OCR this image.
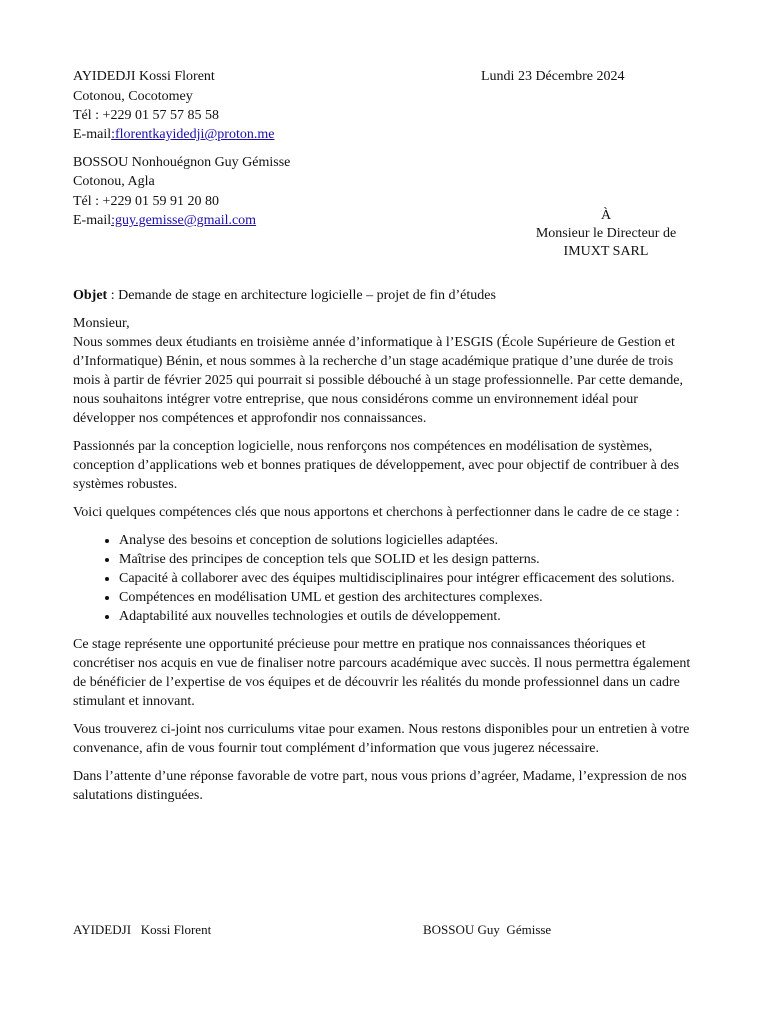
AYIDEDJI Kossi Florent	Lundi 23 Décembre 2024
Cotonou, Cocotomey
Tél : +229 01 57 57 85 58
E-mail:florentkayidedji@proton.me
BOSSOU Nonhouégnon Guy Gémisse
Cotonou, Agla
Tél : +229 01 59 91 20 80
E-mail:guy.gemisse@gmail.com	À
Monsieur le Directeur de
IMUXT SARL

Objet : Demande de stage en architecture logicielle – projet de fin d’études

Monsieur,

Nous sommes deux étudiants en troisième année d’informatique à l’ESGIS (École Supérieure de Gestion et d’Informatique) Bénin, et nous sommes à la recherche d’un stage académique pratique d’une durée de trois mois à partir de février 2025 qui pourrait si possible débouché à un stage professionnelle. Par cette demande, nous souhaitons intégrer votre entreprise, que nous considérons comme un environnement idéal pour développer nos compétences et approfondir nos connaissances.

Passionnés par la conception logicielle, nous renforçons nos compétences en modélisation de systèmes, conception d’applications web et bonnes pratiques de développement, avec pour objectif de contribuer à des systèmes robustes.

Voici quelques compétences clés que nous apportons et cherchons à perfectionner dans le cadre de ce stage :

• Analyse des besoins et conception de solutions logicielles adaptées.
• Maîtrise des principes de conception tels que SOLID et les design patterns.
• Capacité à collaborer avec des équipes multidisciplinaires pour intégrer efficacement des solutions.
• Compétences en modélisation UML et gestion des architectures complexes.
• Adaptabilité aux nouvelles technologies et outils de développement.

Ce stage représente une opportunité précieuse pour mettre en pratique nos connaissances théoriques et concrétiser nos acquis en vue de finaliser notre parcours académique avec succès. Il nous permettra également de bénéficier de l’expertise de vos équipes et de découvrir les réalités du monde professionnel dans un cadre stimulant et innovant.

Vous trouverez ci-joint nos curriculums vitae pour examen. Nous restons disponibles pour un entretien à votre convenance, afin de vous fournir tout complément d’information que vous jugerez nécessaire.

Dans l’attente d’une réponse favorable de votre part, nous vous prions d’agréer, Madame, l’expression de nos salutations distinguées.

AYIDEDJI   Kossi Florent	BOSSOU Guy  Gémisse
